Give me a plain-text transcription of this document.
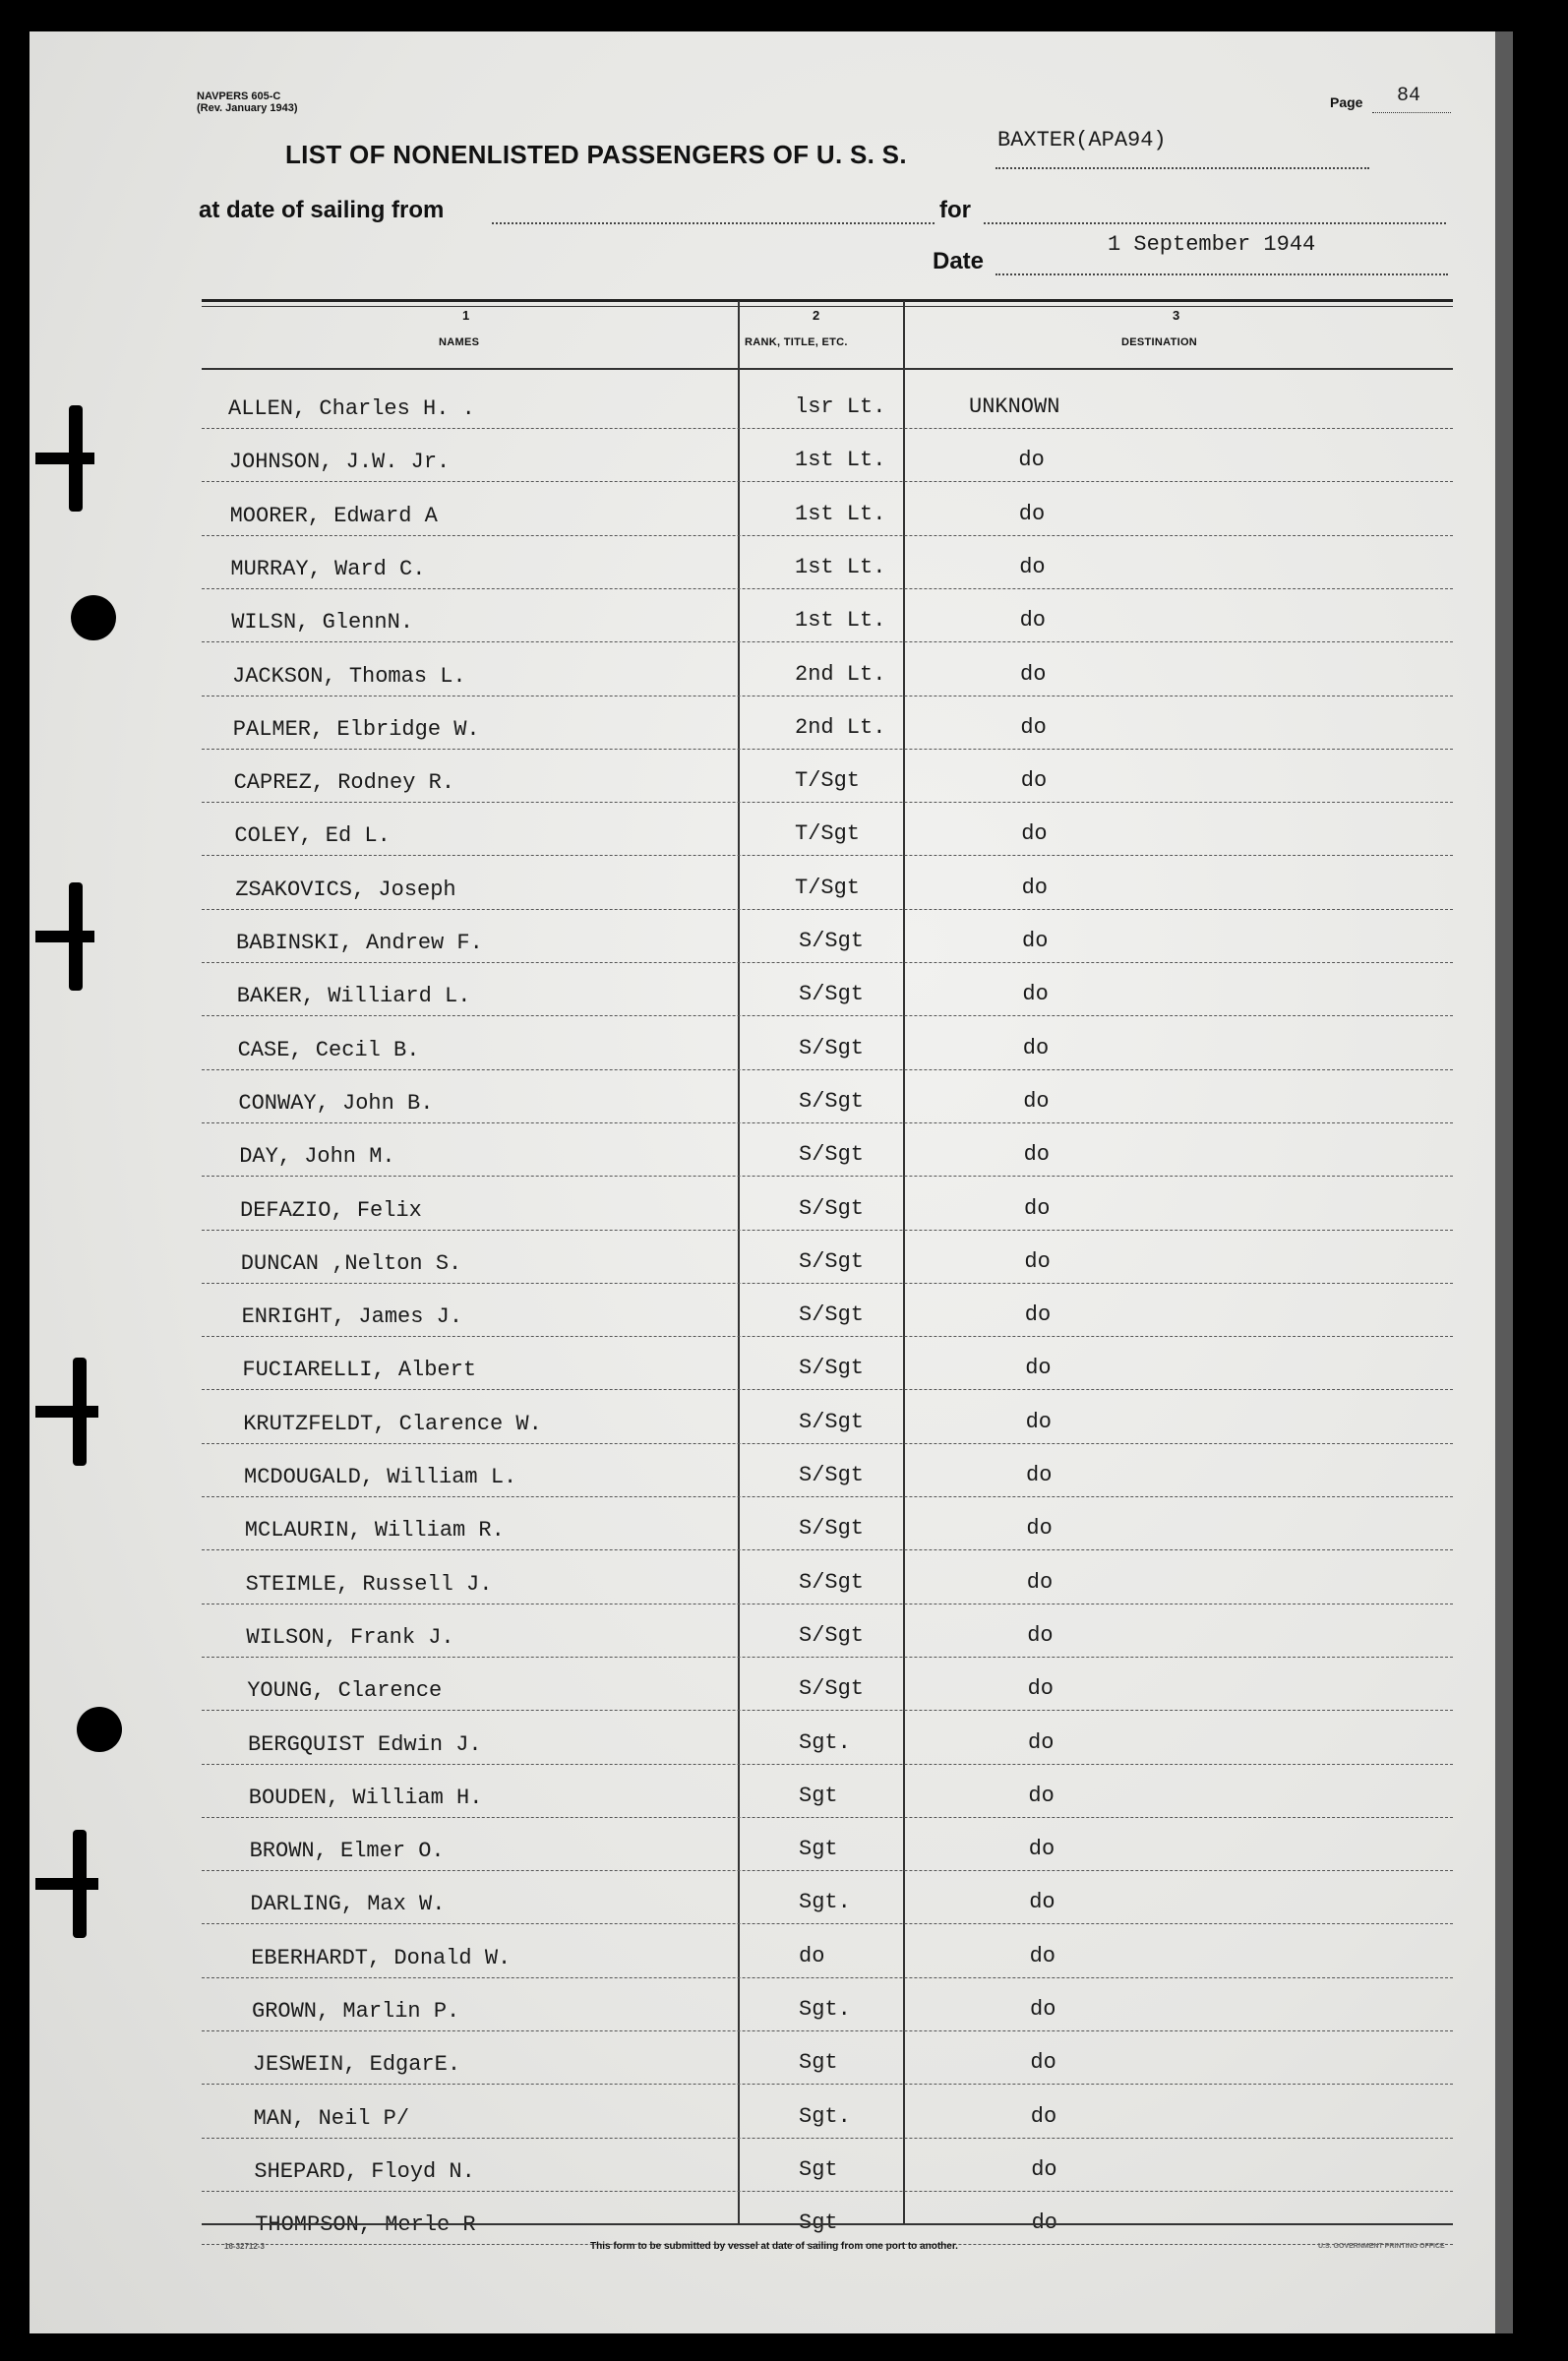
NAVPERS 605-C
(Rev. January 1943)	Page 84
LIST OF NONENLISTED PASSENGERS OF U. S. S.	BAXTER(APA94)
at date of sailing from	for
Date
1 September 1944
1
NAMES
2
RANK, TITLE, ETC.
3
DESTINATION
ALLEN, Charles H. .	lsr Lt.	UNKNOWN
JOHNSON, J.W. Jr.	1st Lt.	do
MOORER, Edward A	1st Lt.	do
MURRAY, Ward C.	1st Lt.	do
WILSN, GlennN.	1st Lt.	do
JACKSON, Thomas L.	2nd Lt.	do
PALMER, Elbridge W.	2nd Lt.	do
CAPREZ, Rodney R.	T/Sgt	do
COLEY, Ed L.	T/Sgt	do
ZSAKOVICS, Joseph	T/Sgt	do
BABINSKI, Andrew F.	S/Sgt	do
BAKER, Williard L.	S/Sgt	do
CASE, Cecil B.	S/Sgt	do
CONWAY, John B.	S/Sgt	do
DAY, John M.	S/Sgt	do
DEFAZIO, Felix	S/Sgt	do
DUNCAN ,Nelton S.	S/Sgt	do
ENRIGHT, James J.	S/Sgt	do
FUCIARELLI, Albert	S/Sgt	do
KRUTZFELDT, Clarence W.	S/Sgt	do
MCDOUGALD, William L.	S/Sgt	do
MCLAURIN, William R.	S/Sgt	do
STEIMLE, Russell J.	S/Sgt	do
WILSON, Frank J.	S/Sgt	do
YOUNG, Clarence	S/Sgt	do
BERGQUIST Edwin J.	Sgt.	do
BOUDEN, William H.	Sgt	do
BROWN, Elmer O.	Sgt	do
DARLING, Max W.	Sgt.	do
EBERHARDT, Donald W.	do	do
GROWN, Marlin P.	Sgt.	do
JESWEIN, EdgarE.	Sgt	do
MAN, Neil P/	Sgt.	do
SHEPARD, Floyd N.	Sgt	do
THOMPSON, Merle R	Sgt	do
This form to be submitted by vessel at date of sailing from one port to another.
16-32712-3	U.S. GOVERNMENT PRINTING OFFICE
